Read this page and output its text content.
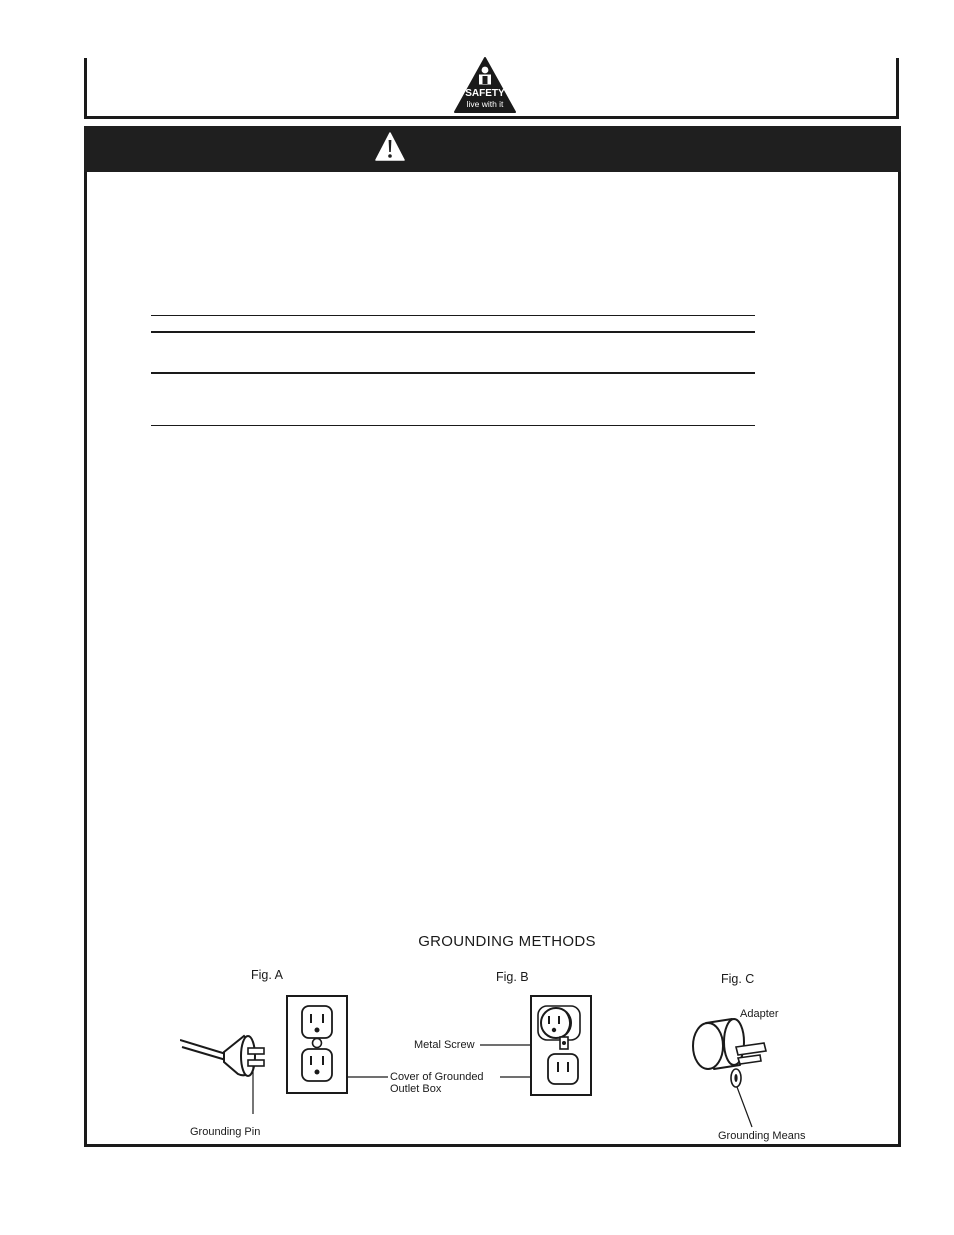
SAFETY
live with it
GROUNDING METHODS
Fig. A	Fig. B	Fig. C
Grounding Pin
Cover of Grounded
Outlet Box
Metal Screw
Adapter
Grounding Means
